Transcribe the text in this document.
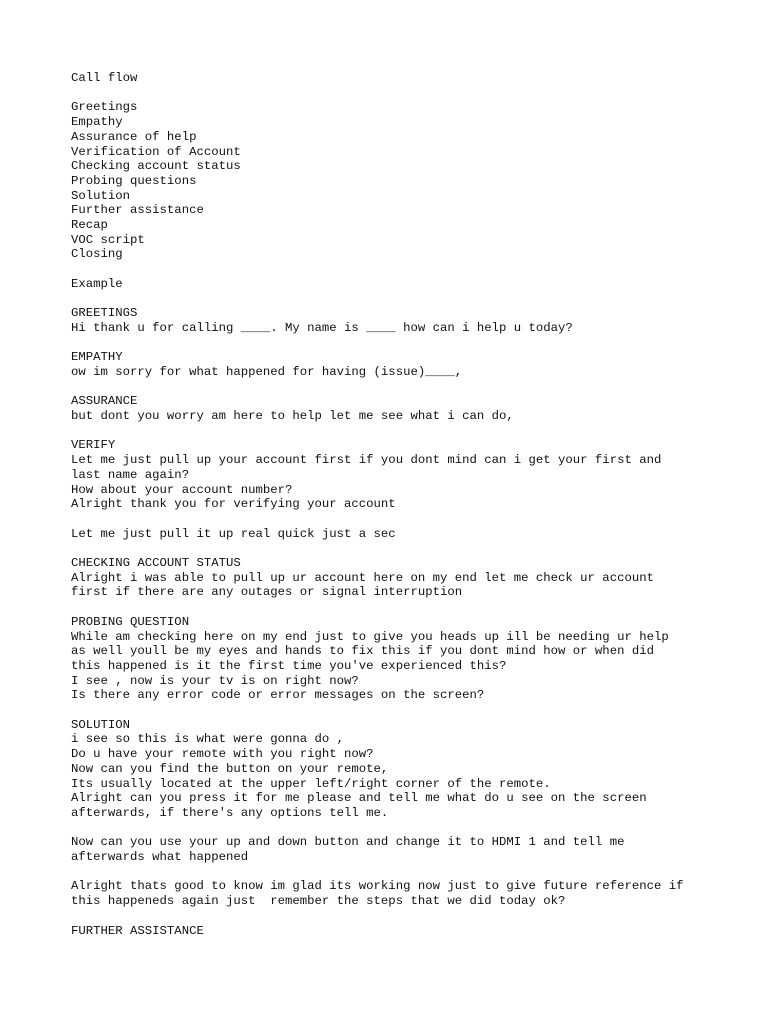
Call flow
Greetings
Empathy
Assurance of help
Verification of Account
Checking account status
Probing questions
Solution
Further assistance
Recap
VOC script
Closing
Example
GREETINGS
Hi thank u for calling ____. My name is ____ how can i help u today?
EMPATHY
ow im sorry for what happened for having (issue)____,
ASSURANCE
but dont you worry am here to help let me see what i can do,
VERIFY
Let me just pull up your account first if you dont mind can i get your first and
last name again?
How about your account number?
Alright thank you for verifying your account
Let me just pull it up real quick just a sec
CHECKING ACCOUNT STATUS
Alright i was able to pull up ur account here on my end let me check ur account
first if there are any outages or signal interruption
PROBING QUESTION
While am checking here on my end just to give you heads up ill be needing ur help
as well youll be my eyes and hands to fix this if you dont mind how or when did
this happened is it the first time you've experienced this?
I see , now is your tv is on right now?
Is there any error code or error messages on the screen?
SOLUTION
i see so this is what were gonna do ,
Do u have your remote with you right now?
Now can you find the button on your remote,
Its usually located at the upper left/right corner of the remote.
Alright can you press it for me please and tell me what do u see on the screen
afterwards, if there's any options tell me.
Now can you use your up and down button and change it to HDMI 1 and tell me
afterwards what happened
Alright thats good to know im glad its working now just to give future reference if
this happeneds again just  remember the steps that we did today ok?
FURTHER ASSISTANCE
